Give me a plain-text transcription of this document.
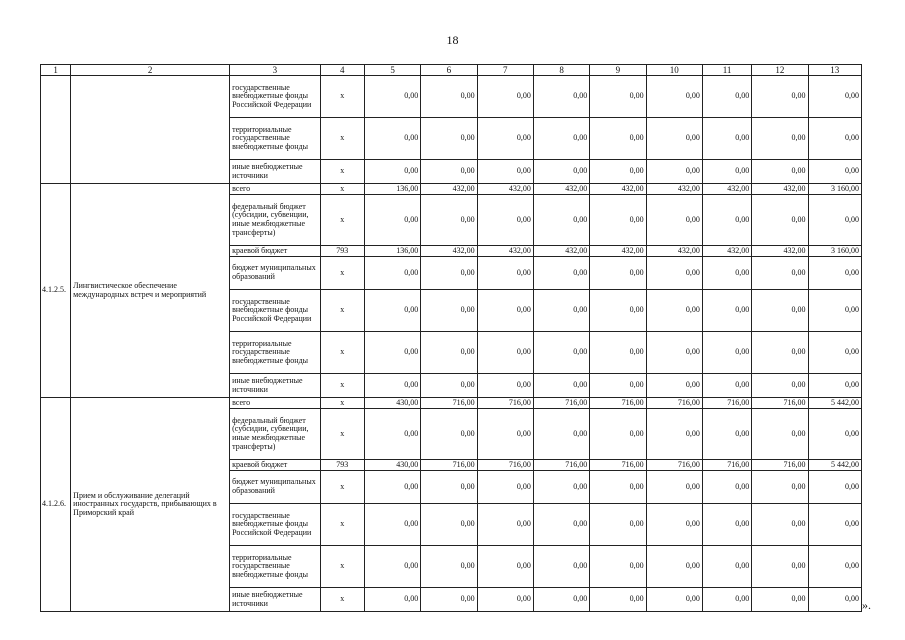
18
1	2	3	4	5	6	7	8	9	10	11	12	13
		государственные внебюджетные фонды Российской Федерации	x	0,00	0,00	0,00	0,00	0,00	0,00	0,00	0,00	0,00
		территориальные государственные внебюджетные фонды	x	0,00	0,00	0,00	0,00	0,00	0,00	0,00	0,00	0,00
		иные внебюджетные источники	x	0,00	0,00	0,00	0,00	0,00	0,00	0,00	0,00	0,00
4.1.2.5.	Лингвистическое обеспечение международных встреч и мероприятий	всего	x	136,00	432,00	432,00	432,00	432,00	432,00	432,00	432,00	3 160,00
		федеральный бюджет (субсидии, субвенции, иные межбюджетные трансферты)	x	0,00	0,00	0,00	0,00	0,00	0,00	0,00	0,00	0,00
		краевой бюджет	793	136,00	432,00	432,00	432,00	432,00	432,00	432,00	432,00	3 160,00
		бюджет муниципальных образований	x	0,00	0,00	0,00	0,00	0,00	0,00	0,00	0,00	0,00
		государственные внебюджетные фонды Российской Федерации	x	0,00	0,00	0,00	0,00	0,00	0,00	0,00	0,00	0,00
		территориальные государственные внебюджетные фонды	x	0,00	0,00	0,00	0,00	0,00	0,00	0,00	0,00	0,00
		иные внебюджетные источники	x	0,00	0,00	0,00	0,00	0,00	0,00	0,00	0,00	0,00
4.1.2.6.	Прием и обслуживание делегаций иностранных государств, прибывающих в Приморский край	всего	x	430,00	716,00	716,00	716,00	716,00	716,00	716,00	716,00	5 442,00
		федеральный бюджет (субсидии, субвенции, иные межбюджетные трансферты)	x	0,00	0,00	0,00	0,00	0,00	0,00	0,00	0,00	0,00
		краевой бюджет	793	430,00	716,00	716,00	716,00	716,00	716,00	716,00	716,00	5 442,00
		бюджет муниципальных образований	x	0,00	0,00	0,00	0,00	0,00	0,00	0,00	0,00	0,00
		государственные внебюджетные фонды Российской Федерации	x	0,00	0,00	0,00	0,00	0,00	0,00	0,00	0,00	0,00
		территориальные государственные внебюджетные фонды	x	0,00	0,00	0,00	0,00	0,00	0,00	0,00	0,00	0,00
		иные внебюджетные источники	x	0,00	0,00	0,00	0,00	0,00	0,00	0,00	0,00	0,00 ».
